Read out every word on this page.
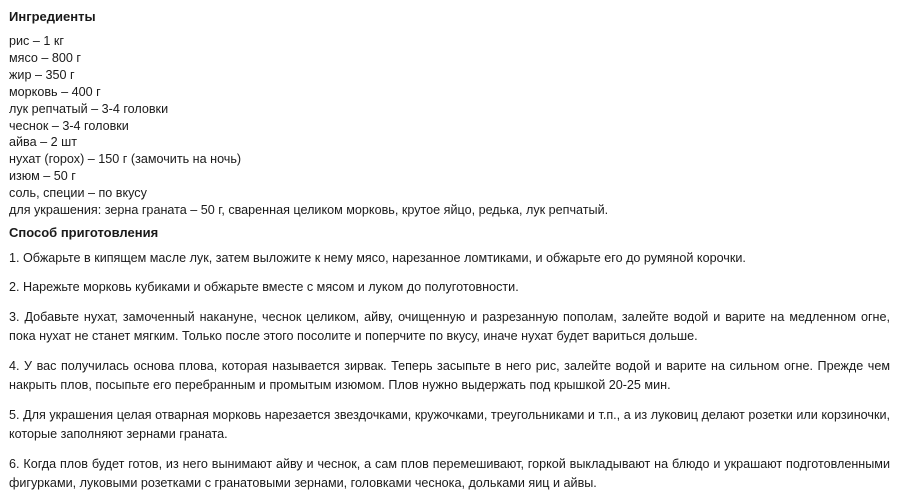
Ингредиенты

рис – 1 кг
мясо – 800 г
жир – 350 г
морковь – 400 г
лук репчатый – 3-4 головки
чеснок – 3-4 головки
айва – 2 шт
нухат (горох) – 150 г (замочить на ночь)
изюм – 50 г
соль, специи – по вкусу
для украшения: зерна граната – 50 г, сваренная целиком морковь, крутое яйцо, редька, лук репчатый.

Способ приготовления

1. Обжарьте в кипящем масле лук, затем выложите к нему мясо, нарезанное ломтиками, и обжарьте его до румяной корочки.

2. Нарежьте морковь кубиками и обжарьте вместе с мясом и луком до полуготовности.

3. Добавьте нухат, замоченный накануне, чеснок целиком, айву, очищенную и разрезанную пополам, залейте водой и варите на медленном огне, пока нухат не станет мягким. Только после этого посолите и поперчите по вкусу, иначе нухат будет вариться дольше.

4. У вас получилась основа плова, которая называется зирвак. Теперь засыпьте в него рис, залейте водой и варите на сильном огне. Прежде чем накрыть плов, посыпьте его перебранным и промытым изюмом. Плов нужно выдержать под крышкой 20-25 мин.

5. Для украшения целая отварная морковь нарезается звездочками, кружочками, треугольниками и т.п., а из луковиц делают розетки или корзиночки, которые заполняют зернами граната.

6. Когда плов будет готов, из него вынимают айву и чеснок, а сам плов перемешивают, горкой выкладывают на блюдо и украшают подготовленными фигурками, луковыми розетками с гранатовыми зернами, головками чеснока, дольками яиц и айвы.
